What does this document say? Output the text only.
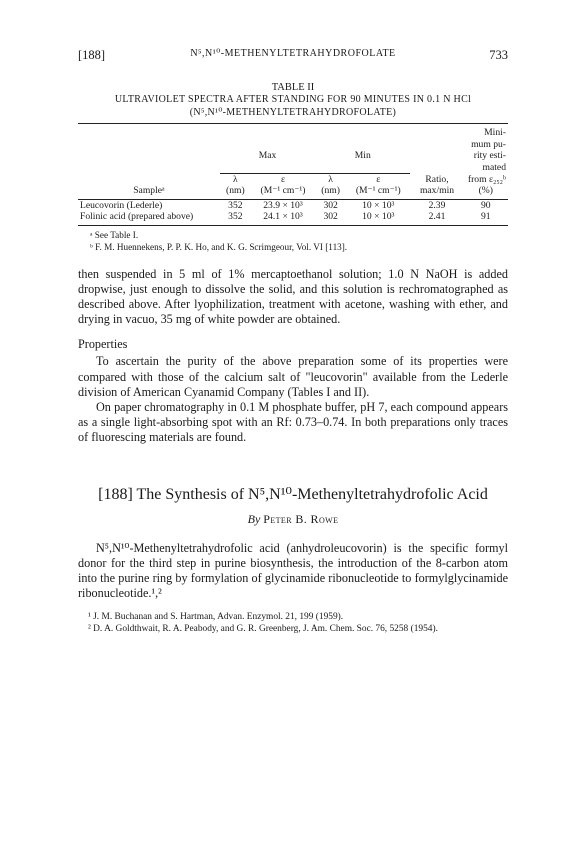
[188]	N⁵,N¹⁰-METHENYLTETRAHYDROFOLATE	733
TABLE II
ULTRAVIOLET SPECTRA AFTER STANDING FOR 90 MINUTES IN 0.1 N HCl
(N⁵,N¹⁰-METHENYLTETRAHYDROFOLATE)

						Mini-
						mum pu-
	Max		Min			rity esti-
						mated
	λ	ε	λ	ε	Ratio,	from ε₂₅₂ᵇ
Sampleᵃ	(nm)	(M⁻¹ cm⁻¹)	(nm)	(M⁻¹ cm⁻¹)	max/min	(%)

Leucovorin (Lederle)	352	23.9 × 10³	302	10 × 10³	2.39	90
Folinic acid (prepared above)	352	24.1 × 10³	302	10 × 10³	2.41	91

ᵃ See Table I.
ᵇ F. M. Huennekens, P. P. K. Ho, and K. G. Scrimgeour, Vol. VI [113].

then suspended in 5 ml of 1% mercaptoethanol solution; 1.0 N NaOH is added dropwise, just enough to dissolve the solid, and this solution is rechromatographed as described above. After lyophilization, treatment with acetone, washing with ether, and drying in vacuo, 35 mg of white powder are obtained.

Properties

To ascertain the purity of the above preparation some of its properties were compared with those of the calcium salt of "leucovorin" available from the Lederle division of American Cyanamid Company (Tables I and II).

On paper chromatography in 0.1 M phosphate buffer, pH 7, each compound appears as a single light-absorbing spot with an Rf: 0.73–0.74. In both preparations only traces of fluorescing materials are found.

[188] The Synthesis of N⁵,N¹⁰-Methenyltetrahydrofolic Acid
By Peter B. Rowe

N⁵,N¹⁰-Methenyltetrahydrofolic acid (anhydroleucovorin) is the specific formyl donor for the third step in purine biosynthesis, the introduction of the 8-carbon atom into the purine ring by formylation of glycinamide ribonucleotide to formylglycinamide ribonucleotide.¹,²

¹ J. M. Buchanan and S. Hartman, Advan. Enzymol. 21, 199 (1959).
² D. A. Goldthwait, R. A. Peabody, and G. R. Greenberg, J. Am. Chem. Soc. 76, 5258 (1954).
